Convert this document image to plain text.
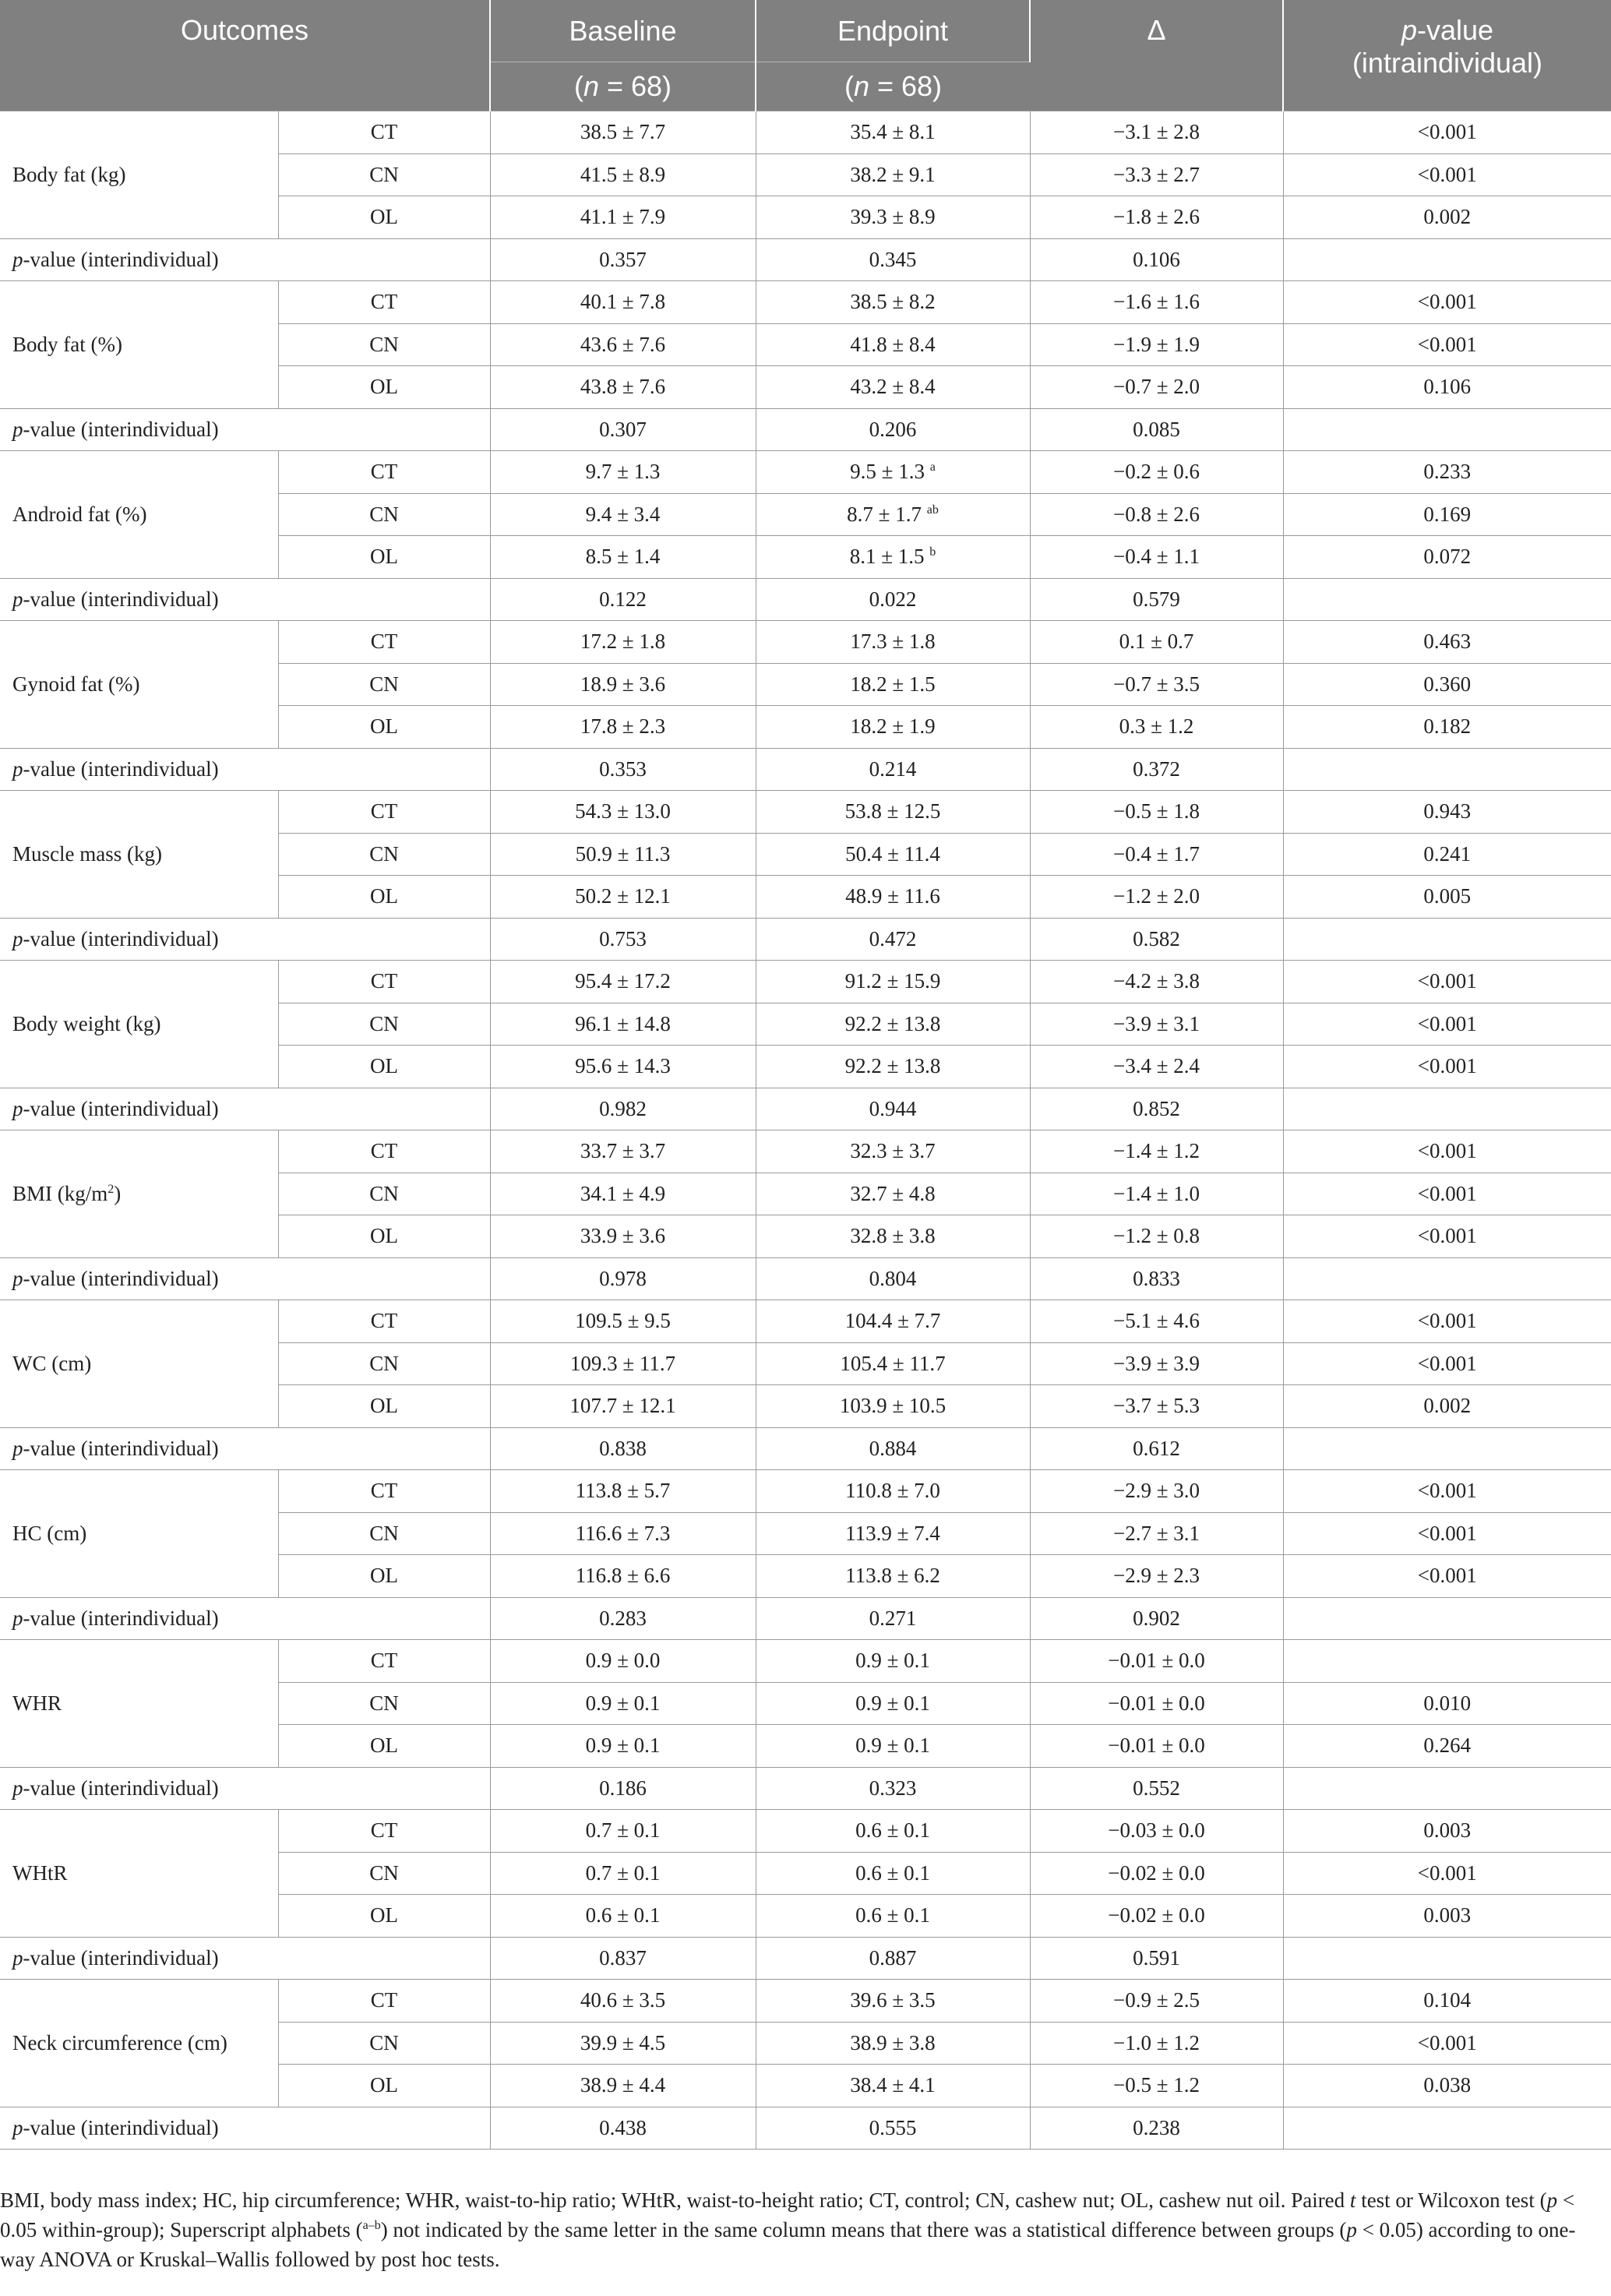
Outcomes		Baseline	Endpoint	Δ	p-value
(intraindividual)
		(n = 68)	(n = 68)		
Body fat (kg)	CT	38.5 ± 7.7	35.4 ± 8.1	−3.1 ± 2.8	<0.001
	CN	41.5 ± 8.9	38.2 ± 9.1	−3.3 ± 2.7	<0.001
	OL	41.1 ± 7.9	39.3 ± 8.9	−1.8 ± 2.6	0.002
p-value (interindividual)		0.357	0.345	0.106	
Body fat (%)	CT	40.1 ± 7.8	38.5 ± 8.2	−1.6 ± 1.6	<0.001
	CN	43.6 ± 7.6	41.8 ± 8.4	−1.9 ± 1.9	<0.001
	OL	43.8 ± 7.6	43.2 ± 8.4	−0.7 ± 2.0	0.106
p-value (interindividual)		0.307	0.206	0.085	
Android fat (%)	CT	9.7 ± 1.3	9.5 ± 1.3 $^a$	−0.2 ± 0.6	0.233
	CN	9.4 ± 3.4	8.7 ± 1.7 $^{ab}$	−0.8 ± 2.6	0.169
	OL	8.5 ± 1.4	8.1 ± 1.5 $^b$	−0.4 ± 1.1	0.072
p-value (interindividual)		0.122	0.022	0.579	
Gynoid fat (%)	CT	17.2 ± 1.8	17.3 ± 1.8	0.1 ± 0.7	0.463
	CN	18.9 ± 3.6	18.2 ± 1.5	−0.7 ± 3.5	0.360
	OL	17.8 ± 2.3	18.2 ± 1.9	0.3 ± 1.2	0.182
p-value (interindividual)		0.353	0.214	0.372	
Muscle mass (kg)	CT	54.3 ± 13.0	53.8 ± 12.5	−0.5 ± 1.8	0.943
	CN	50.9 ± 11.3	50.4 ± 11.4	−0.4 ± 1.7	0.241
	OL	50.2 ± 12.1	48.9 ± 11.6	−1.2 ± 2.0	0.005
p-value (interindividual)		0.753	0.472	0.582	
Body weight (kg)	CT	95.4 ± 17.2	91.2 ± 15.9	−4.2 ± 3.8	<0.001
	CN	96.1 ± 14.8	92.2 ± 13.8	−3.9 ± 3.1	<0.001
	OL	95.6 ± 14.3	92.2 ± 13.8	−3.4 ± 2.4	<0.001
p-value (interindividual)		0.982	0.944	0.852	
BMI $(kg/m^2)$	CT	33.7 ± 3.7	32.3 ± 3.7	−1.4 ± 1.2	<0.001
	CN	34.1 ± 4.9	32.7 ± 4.8	−1.4 ± 1.0	<0.001
	OL	33.9 ± 3.6	32.8 ± 3.8	−1.2 ± 0.8	<0.001
p-value (interindividual)		0.978	0.804	0.833	
WC (cm)	CT	109.5 ± 9.5	104.4 ± 7.7	−5.1 ± 4.6	<0.001
	CN	109.3 ± 11.7	105.4 ± 11.7	−3.9 ± 3.9	<0.001
	OL	107.7 ± 12.1	103.9 ± 10.5	−3.7 ± 5.3	0.002
p-value (interindividual)		0.838	0.884	0.612	
HC (cm)	CT	113.8 ± 5.7	110.8 ± 7.0	−2.9 ± 3.0	<0.001
	CN	116.6 ± 7.3	113.9 ± 7.4	−2.7 ± 3.1	<0.001
	OL	116.8 ± 6.6	113.8 ± 6.2	−2.9 ± 2.3	<0.001
p-value (interindividual)		0.283	0.271	0.902	
WHR	CT	0.9 ± 0.0	0.9 ± 0.1	−0.01 ± 0.0	
	CN	0.9 ± 0.1	0.9 ± 0.1	−0.01 ± 0.0	0.010
	OL	0.9 ± 0.1	0.9 ± 0.1	−0.01 ± 0.0	0.264
p-value (interindividual)		0.186	0.323	0.552	
WHtR	CT	0.7 ± 0.1	0.6 ± 0.1	−0.03 ± 0.0	0.003
	CN	0.7 ± 0.1	0.6 ± 0.1	−0.02 ± 0.0	<0.001
	OL	0.6 ± 0.1	0.6 ± 0.1	−0.02 ± 0.0	0.003
p-value (interindividual)		0.837	0.887	0.591	
Neck circumference (cm)	CT	40.6 ± 3.5	39.6 ± 3.5	−0.9 ± 2.5	0.104
	CN	39.9 ± 4.5	38.9 ± 3.8	−1.0 ± 1.2	<0.001
	OL	38.9 ± 4.4	38.4 ± 4.1	−0.5 ± 1.2	0.038
p-value (interindividual)		0.438	0.555	0.238	
BMI, body mass index; HC, hip circumference; WHR, waist-to-hip ratio; WHtR, waist-to-height ratio; CT, control; CN, cashew nut; OL, cashew nut oil. Paired t test or Wilcoxon test (p < 0.05 within-group); Superscript alphabets ($^{a-b}$) not indicated by the same letter in the same column means that there was a statistical difference between groups (p < 0.05) according to one-way ANOVA or Kruskal–Wallis followed by post hoc tests.
